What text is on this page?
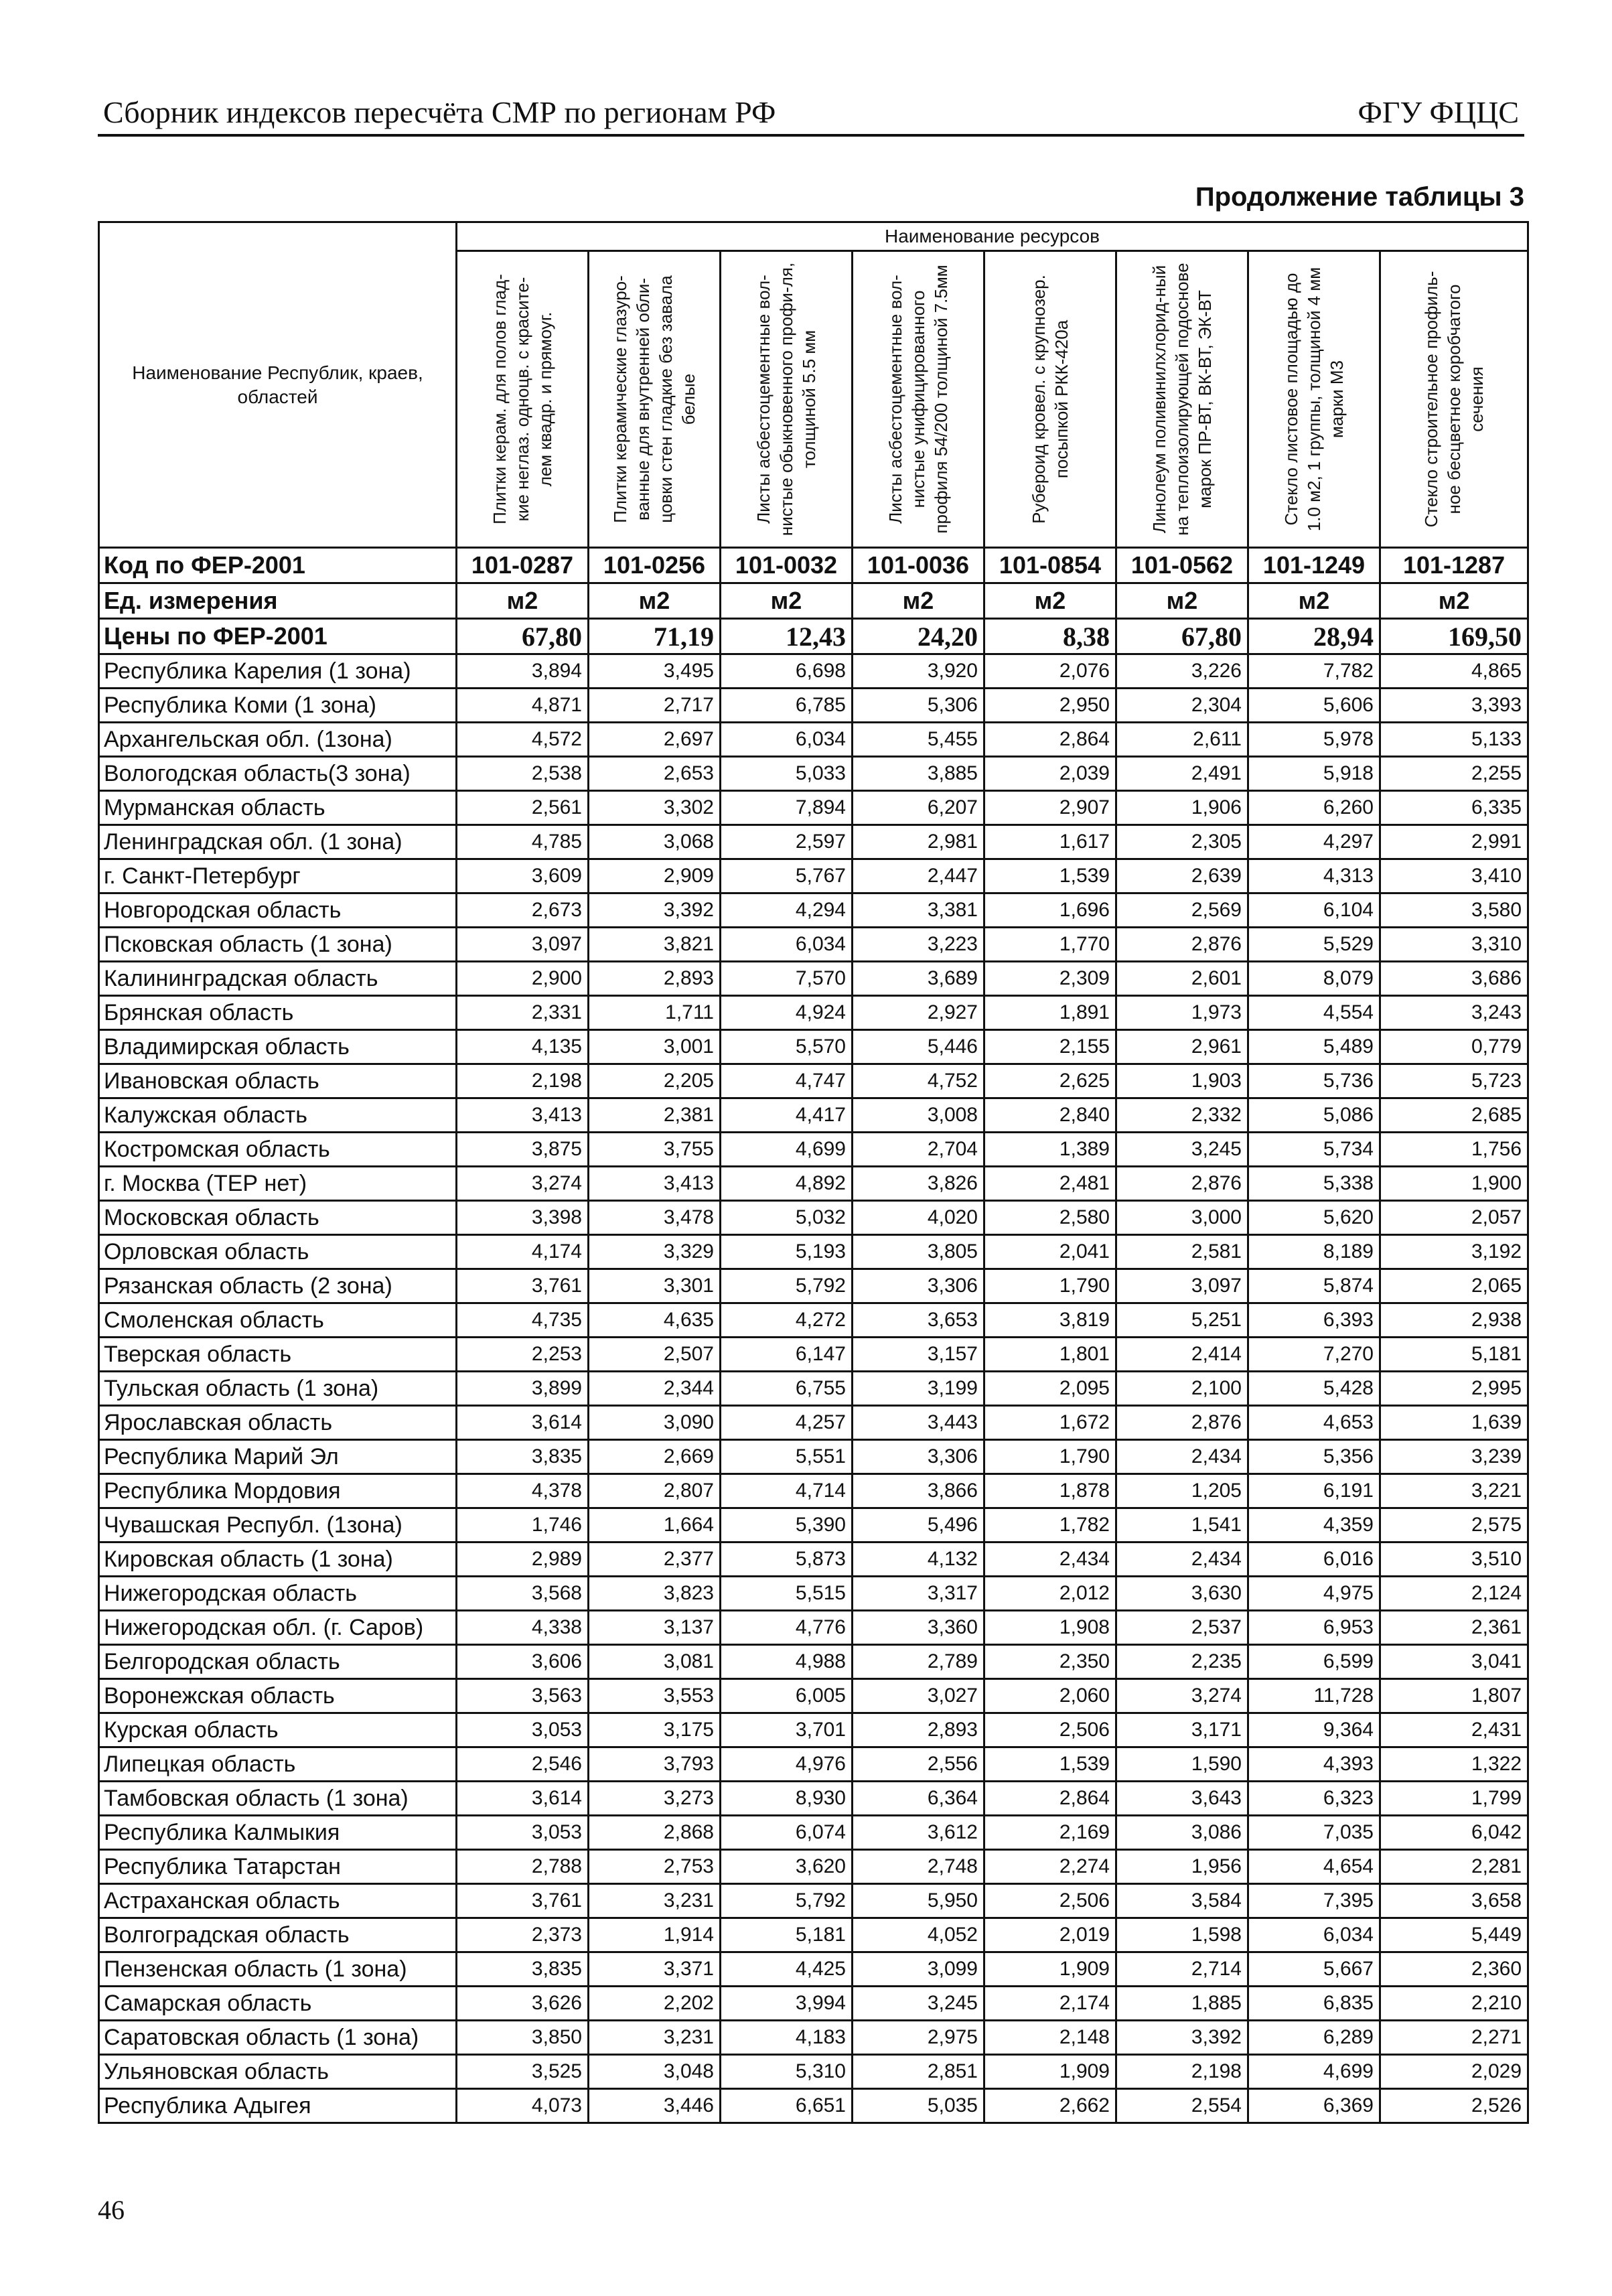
Сборник индексов пересчёта СМР по регионам РФ	ФГУ ФЦЦС
Продолжение таблицы 3
Наименование Республик, краев, областей	Наименование ресурсов							

	Плитки керам. для полов глад-кие неглаз. одноцв. с красите-лем квадр. и прямоуг.	Плитки керамические глазуро-ванные для внутренней обли-цовки стен гладкие без завала белые	Листы асбестоцементные вол-нистые обыкновенного профи-ля, толщиной 5.5 мм	Листы асбестоцементные вол-нистые унифицированного профиля 54/200 толщиной 7.5мм	Рубероид кровел. с крупнозер. посыпкой РКК-420а	Линолеум поливинилхлорид-ный на теплоизолирующей подоснове марок ПР-ВТ, ВК-ВТ, ЭК-ВТ	Стекло листовое площадью до 1.0 м2, 1 группы, толщиной 4 мм марки М3	Стекло строительное профиль-ное бесцветное коробчатого сечения

Код по ФЕР-2001	101-0287	101-0256	101-0032	101-0036	101-0854	101-0562	101-1249	101-1287
Ед. измерения	м2	м2	м2	м2	м2	м2	м2	м2
Цены по ФЕР-2001	67,80	71,19	12,43	24,20	8,38	67,80	28,94	169,50
Республика Карелия (1 зона)	3,894	3,495	6,698	3,920	2,076	3,226	7,782	4,865
Республика Коми (1 зона)	4,871	2,717	6,785	5,306	2,950	2,304	5,606	3,393
Архангельская обл. (1зона)	4,572	2,697	6,034	5,455	2,864	2,611	5,978	5,133
Вологодская область(3 зона)	2,538	2,653	5,033	3,885	2,039	2,491	5,918	2,255
Мурманская область	2,561	3,302	7,894	6,207	2,907	1,906	6,260	6,335
Ленинградская обл. (1 зона)	4,785	3,068	2,597	2,981	1,617	2,305	4,297	2,991
г. Санкт-Петербург	3,609	2,909	5,767	2,447	1,539	2,639	4,313	3,410
Новгородская область	2,673	3,392	4,294	3,381	1,696	2,569	6,104	3,580
Псковская область (1 зона)	3,097	3,821	6,034	3,223	1,770	2,876	5,529	3,310
Калининградская область	2,900	2,893	7,570	3,689	2,309	2,601	8,079	3,686
Брянская область	2,331	1,711	4,924	2,927	1,891	1,973	4,554	3,243
Владимирская область	4,135	3,001	5,570	5,446	2,155	2,961	5,489	0,779
Ивановская область	2,198	2,205	4,747	4,752	2,625	1,903	5,736	5,723
Калужская область	3,413	2,381	4,417	3,008	2,840	2,332	5,086	2,685
Костромская область	3,875	3,755	4,699	2,704	1,389	3,245	5,734	1,756
г. Москва (ТЕР нет)	3,274	3,413	4,892	3,826	2,481	2,876	5,338	1,900
Московская область	3,398	3,478	5,032	4,020	2,580	3,000	5,620	2,057
Орловская область	4,174	3,329	5,193	3,805	2,041	2,581	8,189	3,192
Рязанская область (2 зона)	3,761	3,301	5,792	3,306	1,790	3,097	5,874	2,065
Смоленская область	4,735	4,635	4,272	3,653	3,819	5,251	6,393	2,938
Тверская область	2,253	2,507	6,147	3,157	1,801	2,414	7,270	5,181
Тульская область (1 зона)	3,899	2,344	6,755	3,199	2,095	2,100	5,428	2,995
Ярославская область	3,614	3,090	4,257	3,443	1,672	2,876	4,653	1,639
Республика Марий Эл	3,835	2,669	5,551	3,306	1,790	2,434	5,356	3,239
Республика Мордовия	4,378	2,807	4,714	3,866	1,878	1,205	6,191	3,221
Чувашская Республ. (1зона)	1,746	1,664	5,390	5,496	1,782	1,541	4,359	2,575
Кировская область (1 зона)	2,989	2,377	5,873	4,132	2,434	2,434	6,016	3,510
Нижегородская область	3,568	3,823	5,515	3,317	2,012	3,630	4,975	2,124
Нижегородская обл. (г. Саров)	4,338	3,137	4,776	3,360	1,908	2,537	6,953	2,361
Белгородская область	3,606	3,081	4,988	2,789	2,350	2,235	6,599	3,041
Воронежская область	3,563	3,553	6,005	3,027	2,060	3,274	11,728	1,807
Курская область	3,053	3,175	3,701	2,893	2,506	3,171	9,364	2,431
Липецкая область	2,546	3,793	4,976	2,556	1,539	1,590	4,393	1,322
Тамбовская область (1 зона)	3,614	3,273	8,930	6,364	2,864	3,643	6,323	1,799
Республика Калмыкия	3,053	2,868	6,074	3,612	2,169	3,086	7,035	6,042
Республика Татарстан	2,788	2,753	3,620	2,748	2,274	1,956	4,654	2,281
Астраханская область	3,761	3,231	5,792	5,950	2,506	3,584	7,395	3,658
Волгоградская область	2,373	1,914	5,181	4,052	2,019	1,598	6,034	5,449
Пензенская область (1 зона)	3,835	3,371	4,425	3,099	1,909	2,714	5,667	2,360
Самарская область	3,626	2,202	3,994	3,245	2,174	1,885	6,835	2,210
Саратовская область (1 зона)	3,850	3,231	4,183	2,975	2,148	3,392	6,289	2,271
Ульяновская область	3,525	3,048	5,310	2,851	1,909	2,198	4,699	2,029
Республика Адыгея	4,073	3,446	6,651	5,035	2,662	2,554	6,369	2,526
46
